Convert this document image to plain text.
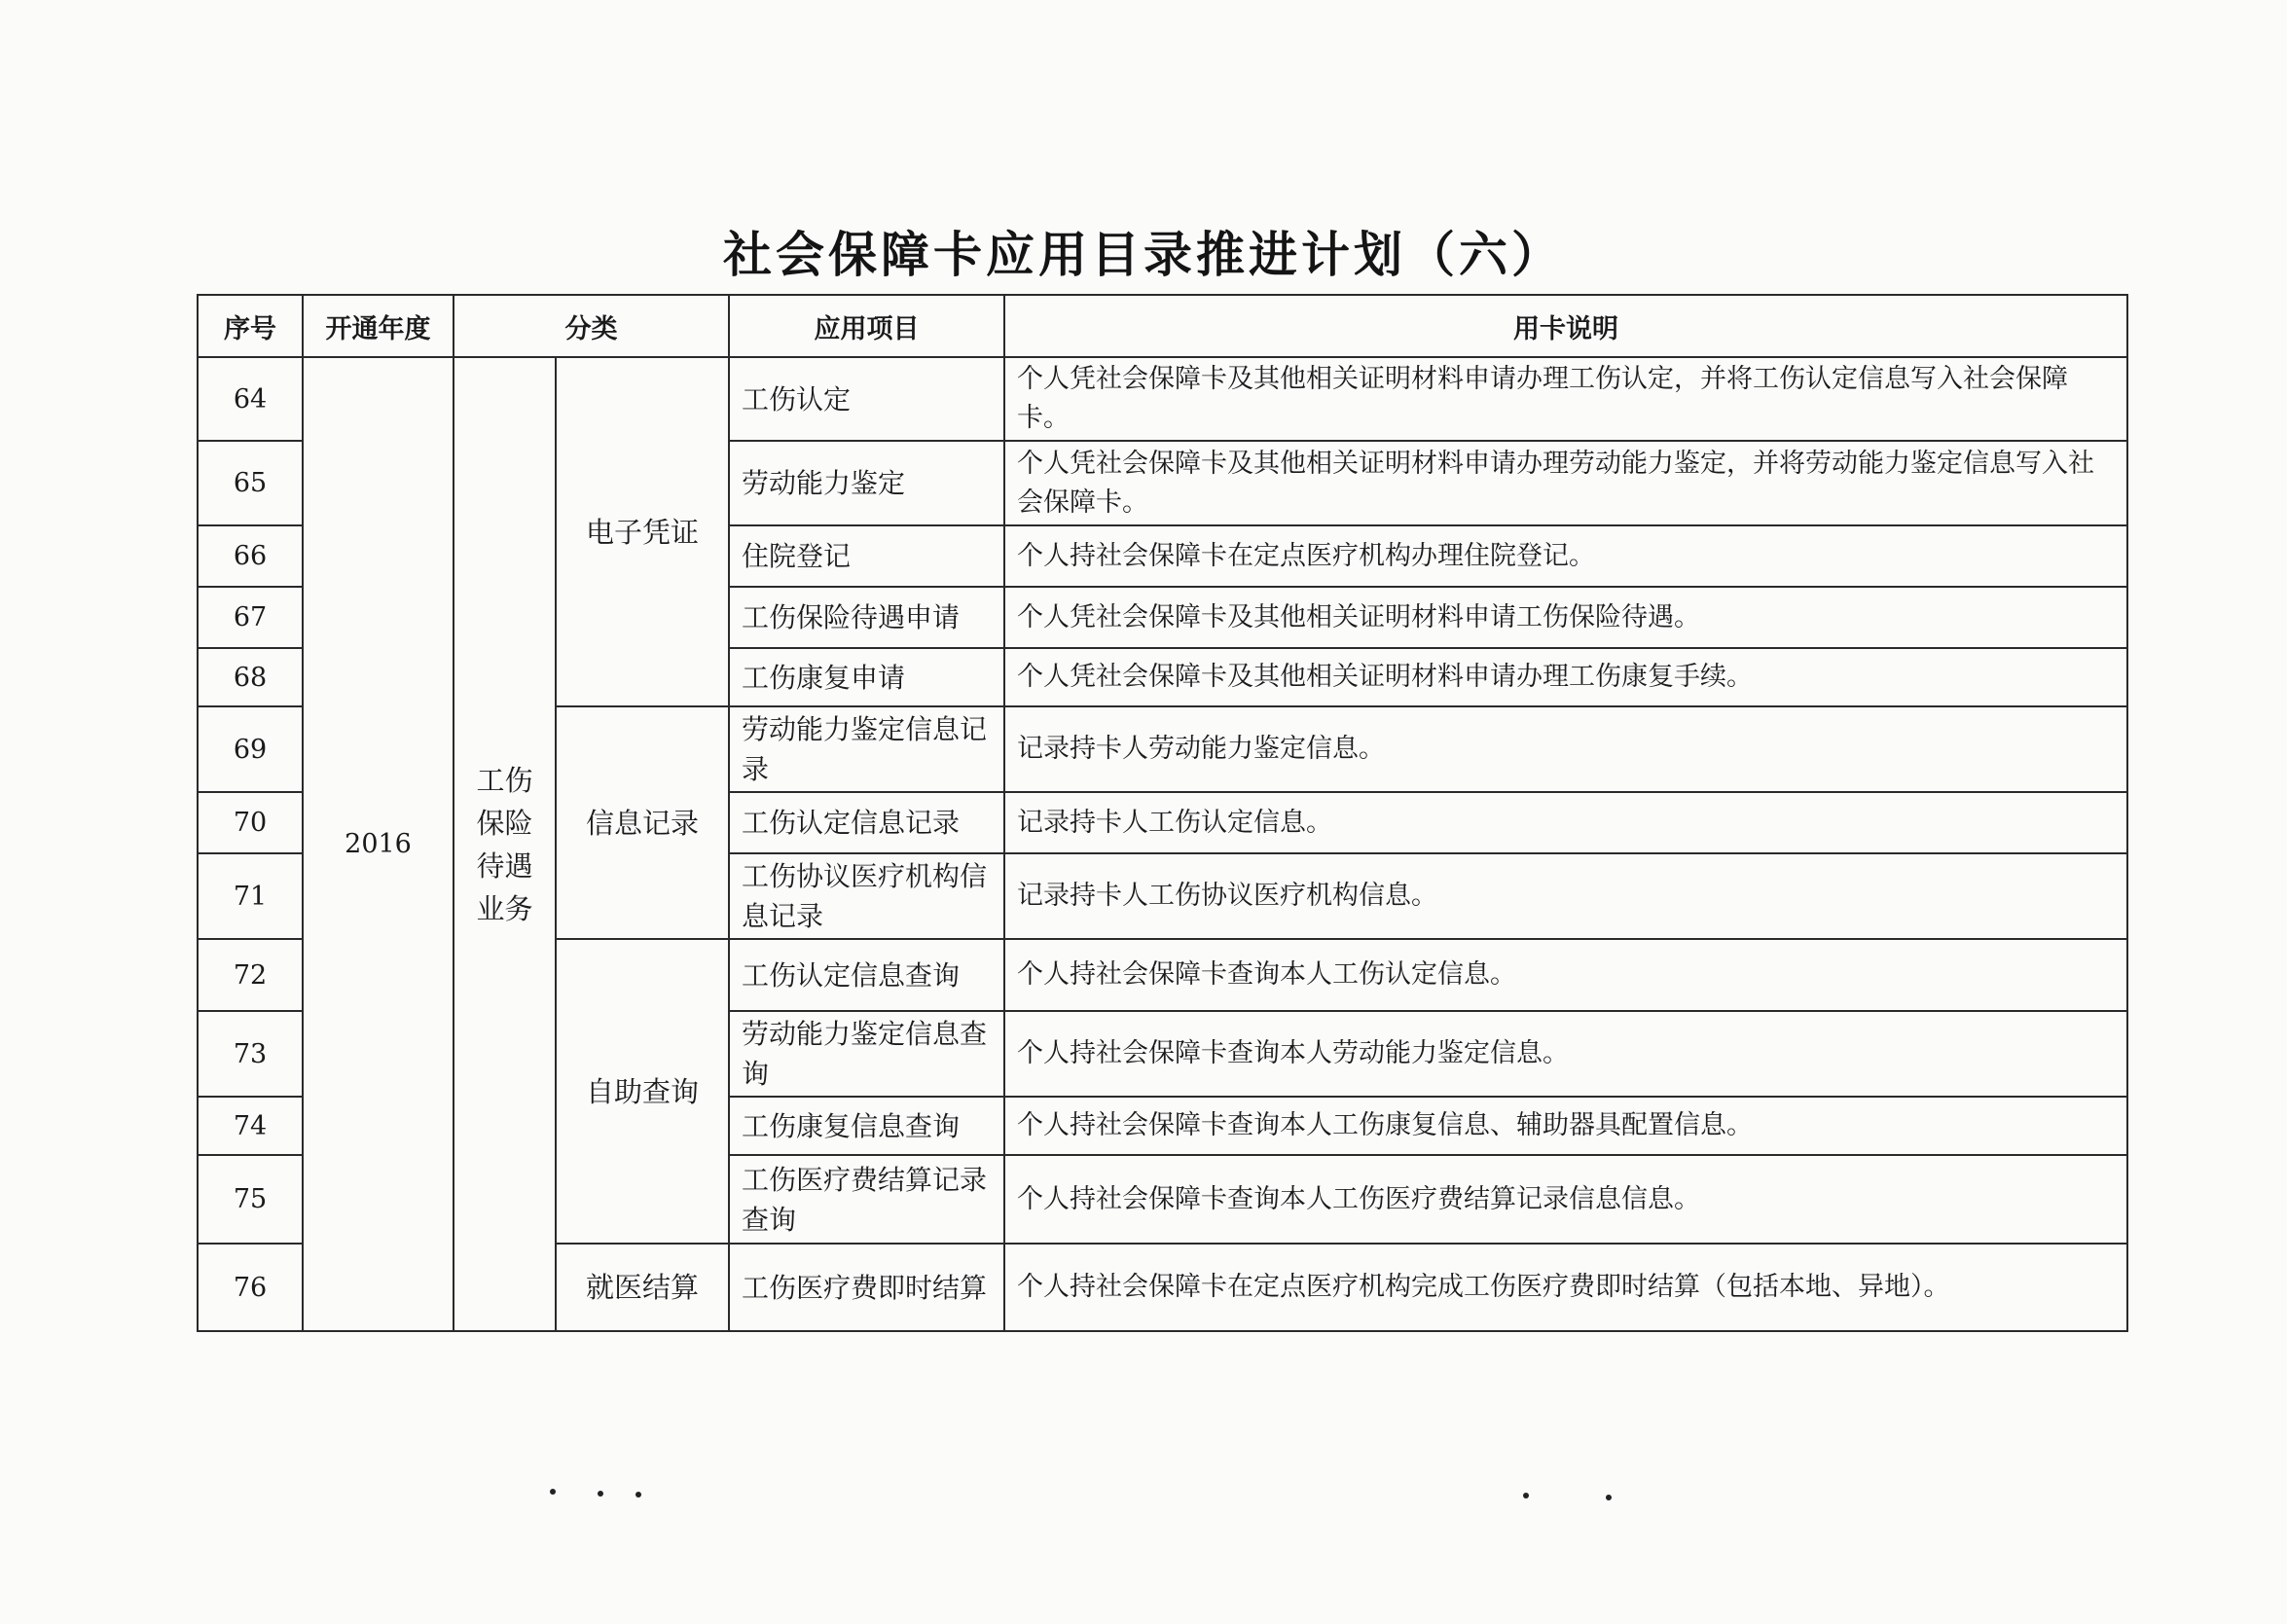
社会保障卡应用目录推进计划（六）
序号	开通年度	分类		应用项目	用卡说明
64	2016	工伤保险待遇业务	电子凭证	工伤认定	个人凭社会保障卡及其他相关证明材料申请办理工伤认定，并将工伤认定信息写入社会保障卡。
65				劳动能力鉴定	个人凭社会保障卡及其他相关证明材料申请办理劳动能力鉴定，并将劳动能力鉴定信息写入社会保障卡。
66				住院登记	个人持社会保障卡在定点医疗机构办理住院登记。
67				工伤保险待遇申请	个人凭社会保障卡及其他相关证明材料申请工伤保险待遇。
68				工伤康复申请	个人凭社会保障卡及其他相关证明材料申请办理工伤康复手续。
69			信息记录	劳动能力鉴定信息记录	记录持卡人劳动能力鉴定信息。
70				工伤认定信息记录	记录持卡人工伤认定信息。
71				工伤协议医疗机构信息记录	记录持卡人工伤协议医疗机构信息。
72			自助查询	工伤认定信息查询	个人持社会保障卡查询本人工伤认定信息。
73				劳动能力鉴定信息查询	个人持社会保障卡查询本人劳动能力鉴定信息。
74				工伤康复信息查询	个人持社会保障卡查询本人工伤康复信息、辅助器具配置信息。
75				工伤医疗费结算记录查询	个人持社会保障卡查询本人工伤医疗费结算记录信息信息。
76			就医结算	工伤医疗费即时结算	个人持社会保障卡在定点医疗机构完成工伤医疗费即时结算（包括本地、异地）。
